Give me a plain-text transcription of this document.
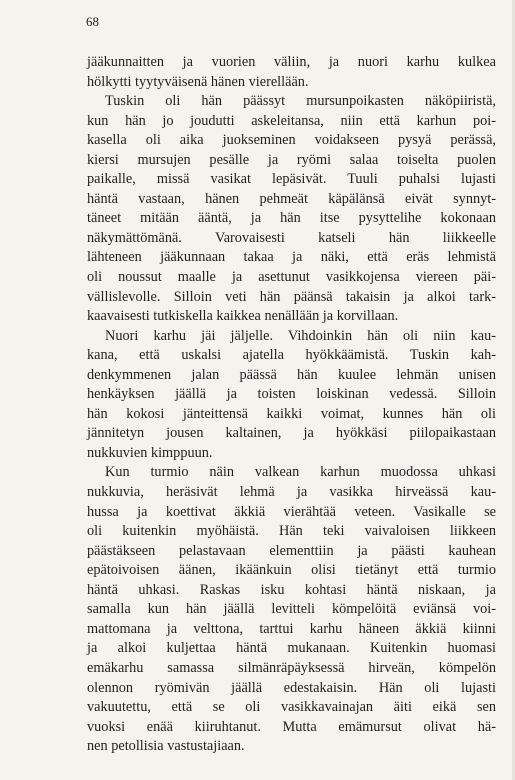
68
jääkunnaitten ja vuorien väliin, ja nuori karhu kulkea
hölkytti tyytyväisenä hänen vierellään.
Tuskin oli hän päässyt mursunpoikasten näköpiiristä,
kun hän jo joudutti askeleitansa, niin että karhun poi-
kasella oli aika juokseminen voidakseen pysyä perässä,
kiersi mursujen pesälle ja ryömi salaa toiselta puolen
paikalle, missä vasikat lepäsivät. Tuuli puhalsi lujasti
häntä vastaan, hänen pehmeät käpälänsä eivät synnyt-
täneet mitään ääntä, ja hän itse pysyttelihe kokonaan
näkymättömänä. Varovaisesti katseli hän liikkeelle
lähteneen jääkunnaan takaa ja näki, että eräs lehmistä
oli noussut maalle ja asettunut vasikkojensa viereen päi-
vällislevolle. Silloin veti hän päänsä takaisin ja alkoi tark-
kaavaisesti tutkiskella kaikkea nenällään ja korvillaan.
Nuori karhu jäi jäljelle. Vihdoinkin hän oli niin kau-
kana, että uskalsi ajatella hyökkäämistä. Tuskin kah-
denkymmenen jalan päässä hän kuulee lehmän unisen
henkäyksen jäällä ja toisten loiskinan vedessä. Silloin
hän kokosi jänteittensä kaikki voimat, kunnes hän oli
jännitetyn jousen kaltainen, ja hyökkäsi piilopaikastaan
nukkuvien kimppuun.
Kun turmio näin valkean karhun muodossa uhkasi
nukkuvia, heräsivät lehmä ja vasikka hirveässä kau-
hussa ja koettivat äkkiä vierähtää veteen. Vasikalle se
oli kuitenkin myöhäistä. Hän teki vaivaloisen liikkeen
päästäkseen pelastavaan elementtiin ja päästi kauhean
epätoivoisen äänen, ikäänkuin olisi tietänyt että turmio
häntä uhkasi. Raskas isku kohtasi häntä niskaan, ja
samalla kun hän jäällä levitteli kömpelöitä eviänsä voi-
mattomana ja velttona, tarttui karhu häneen äkkiä kiinni
ja alkoi kuljettaa häntä mukanaan. Kuitenkin huomasi
emäkarhu samassa silmänräpäyksessä hirveän, kömpelön
olennon ryömivän jäällä edestakaisin. Hän oli lujasti
vakuutettu, että se oli vasikkavainajan äiti eikä sen
vuoksi enää kiiruhtanut. Mutta emämursut olivat hä-
nen petollisia vastustajiaan.
